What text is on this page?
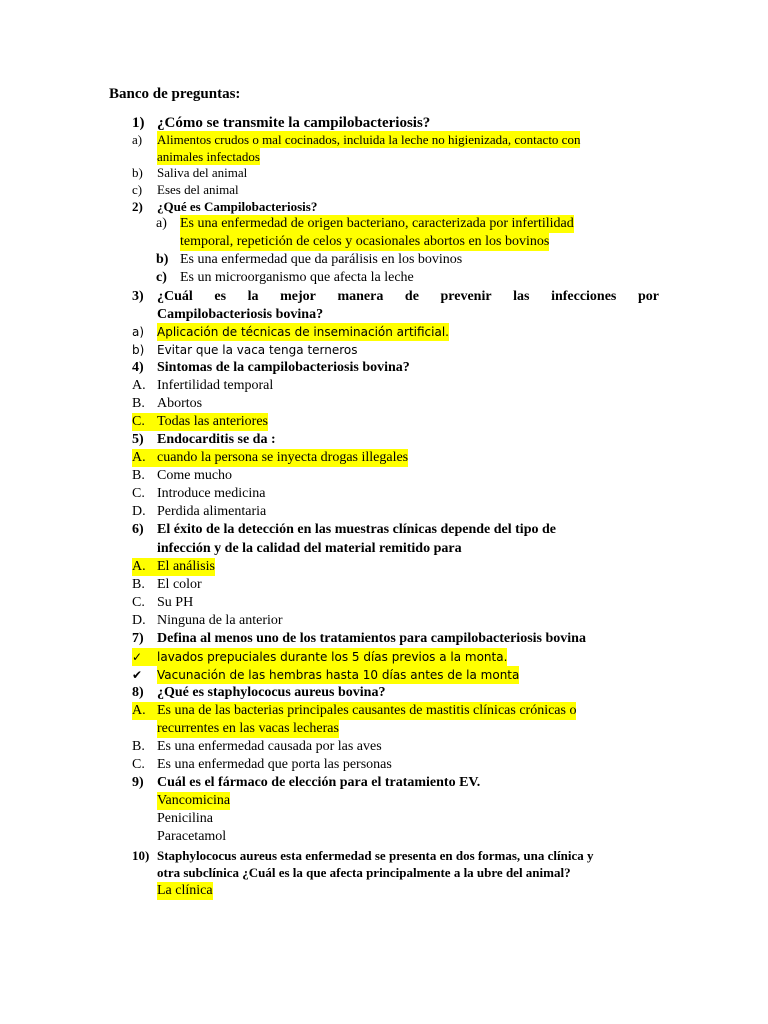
Banco de preguntas:
1) ¿Cómo se transmite la campilobacteriosis?
a)	Alimentos crudos o mal cocinados, incluida la leche no higienizada, contacto con
animales infectados
b)	Saliva del animal
c)	Eses del animal
2)	¿Qué es Campilobacteriosis?
a) Es una enfermedad de origen bacteriano, caracterizada por infertilidad
temporal, repetición de celos y ocasionales abortos en los bovinos
b) Es una enfermedad que da parálisis en los bovinos
c) Es un microorganismo que afecta la leche
3) ¿Cuál es la mejor manera de prevenir las infecciones por
Campilobacteriosis bovina?
a)	Aplicación de técnicas de inseminación artificial.
b)	Evitar que la vaca tenga terneros
4) Sintomas de la campilobacteriosis bovina?
A. Infertilidad temporal
B. Abortos
C. Todas las anteriores
5) Endocarditis se da :
A. cuando la persona se inyecta drogas illegales
B. Come mucho
C. Introduce medicina
D. Perdida alimentaria
6) El éxito de la detección en las muestras clínicas depende del tipo de
infección y de la calidad del material remitido para
A. El análisis
B. El color
C. Su PH
D. Ninguna de la anterior
7) Defina al menos uno de los tratamientos para campilobacteriosis bovina
✓	lavados prepuciales durante los 5 días previos a la monta.
✔	Vacunación de las hembras hasta 10 días antes de la monta
8) ¿Qué es staphylococus aureus bovina?
A. Es una de las bacterias principales causantes de mastitis clínicas crónicas o
recurrentes en las vacas lecheras
B. Es una enfermedad causada por las aves
C. Es una enfermedad que porta las personas
9) Cuál es el fármaco de elección para el tratamiento EV.
Vancomicina
Penicilina
Paracetamol
10) Staphylococus aureus esta enfermedad se presenta en dos formas, una clínica y
otra subclínica ¿Cuál es la que afecta principalmente a la ubre del animal?
La clínica
